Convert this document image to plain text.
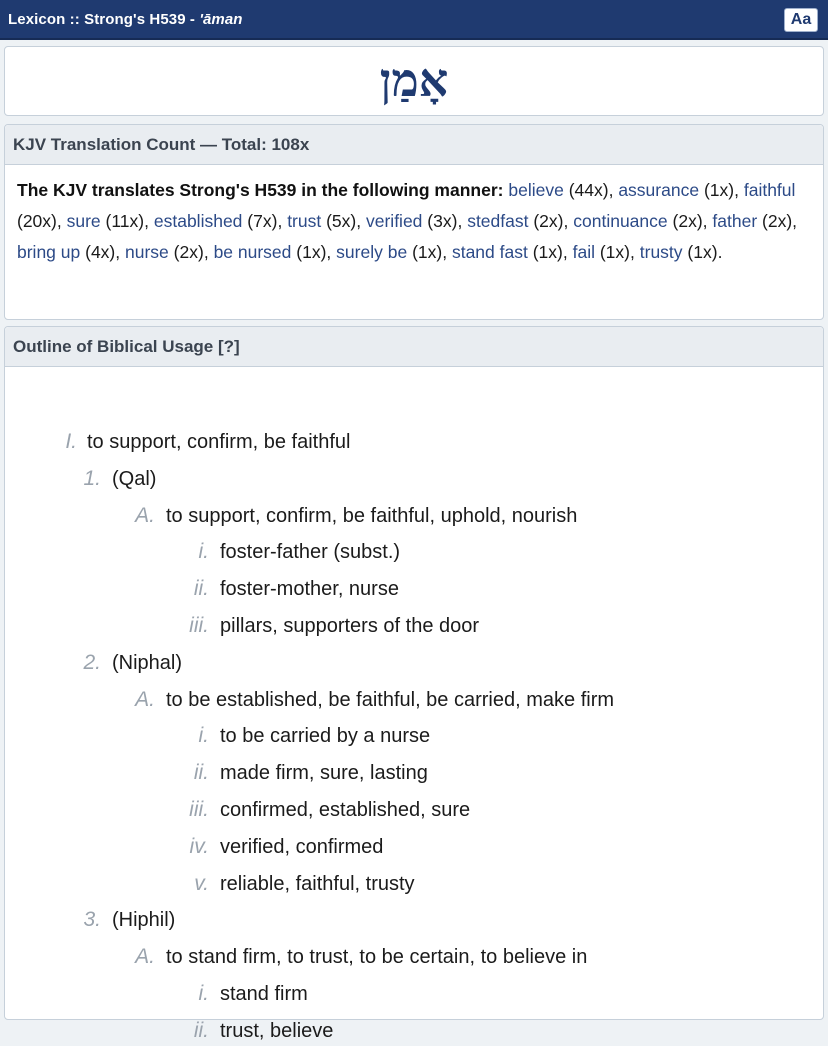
Lexicon :: Strong's H539 - 'āman	Aa
אָמַן
KJV Translation Count — Total: 108x
The KJV translates Strong's H539 in the following manner: believe (44x), assurance (1x), faithful (20x), sure (11x), established (7x), trust (5x), verified (3x), stedfast (2x), continuance (2x), father (2x), bring up (4x), nurse (2x), be nursed (1x), surely be (1x), stand fast (1x), fail (1x), trusty (1x).
Outline of Biblical Usage [?]
I. to support, confirm, be faithful
1. (Qal)
A. to support, confirm, be faithful, uphold, nourish
i. foster-father (subst.)
ii. foster-mother, nurse
iii. pillars, supporters of the door
2. (Niphal)
A. to be established, be faithful, be carried, make firm
i. to be carried by a nurse
ii. made firm, sure, lasting
iii. confirmed, established, sure
iv. verified, confirmed
v. reliable, faithful, trusty
3. (Hiphil)
A. to stand firm, to trust, to be certain, to believe in
i. stand firm
ii. trust, believe
